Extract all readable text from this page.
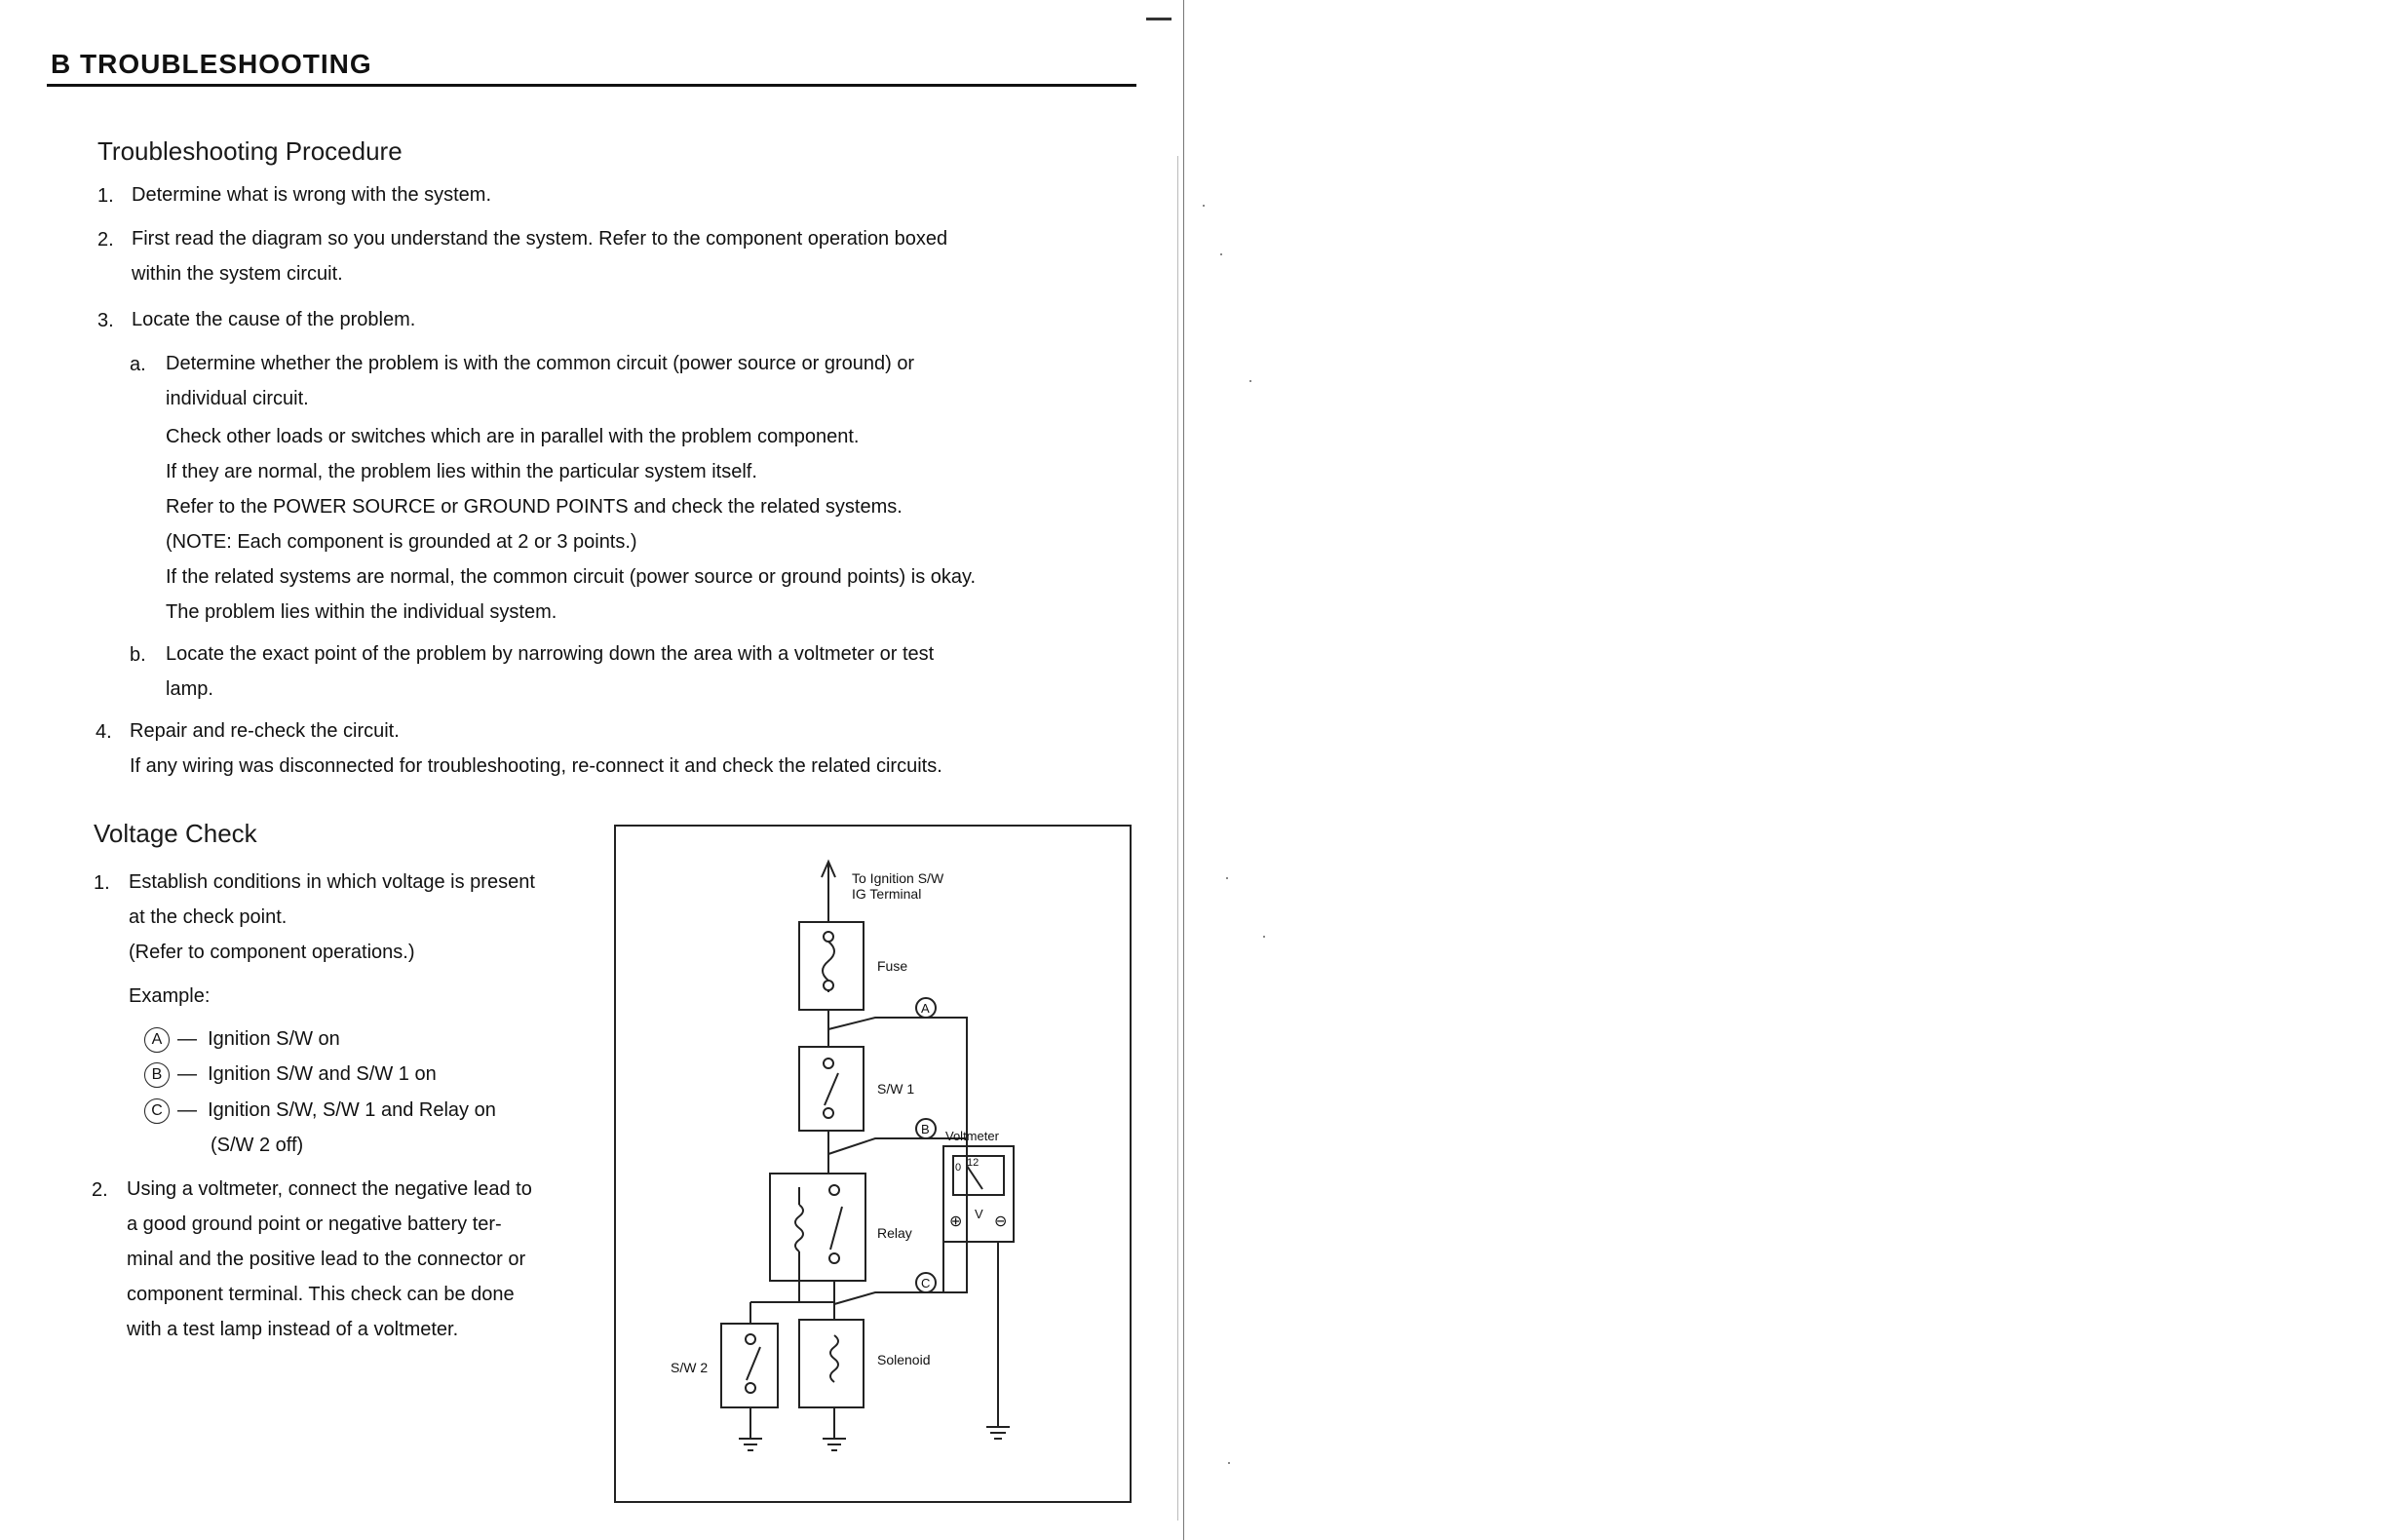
B TROUBLESHOOTING
Troubleshooting Procedure
1. Determine what is wrong with the system.
2. First read the diagram so you understand the system. Refer to the component operation boxed
within the system circuit.
3. Locate the cause of the problem.
a. Determine whether the problem is with the common circuit (power source or ground) or
individual circuit.
Check other loads or switches which are in parallel with the problem component.
If they are normal, the problem lies within the particular system itself.
Refer to the POWER SOURCE or GROUND POINTS and check the related systems.
(NOTE: Each component is grounded at 2 or 3 points.)
If the related systems are normal, the common circuit (power source or ground points) is okay.
The problem lies within the individual system.
b. Locate the exact point of the problem by narrowing down the area with a voltmeter or test
lamp.
4. Repair and re-check the circuit.
If any wiring was disconnected for troubleshooting, re-connect it and check the related circuits.
Voltage Check
1. Establish conditions in which voltage is present
at the check point.
(Refer to component operations.)
Example:
A — Ignition S/W on
B — Ignition S/W and S/W 1 on
C — Ignition S/W, S/W 1 and Relay on
(S/W 2 off)
2. Using a voltmeter, connect the negative lead to
a good ground point or negative battery ter-
minal and the positive lead to the connector or
component terminal. This check can be done
with a test lamp instead of a voltmeter.
To Ignition S/W
IG Terminal
Fuse
S/W 1
Relay
Solenoid
S/W 2
Voltmeter
0 12
V
⊕ ⊖
A
B
C
